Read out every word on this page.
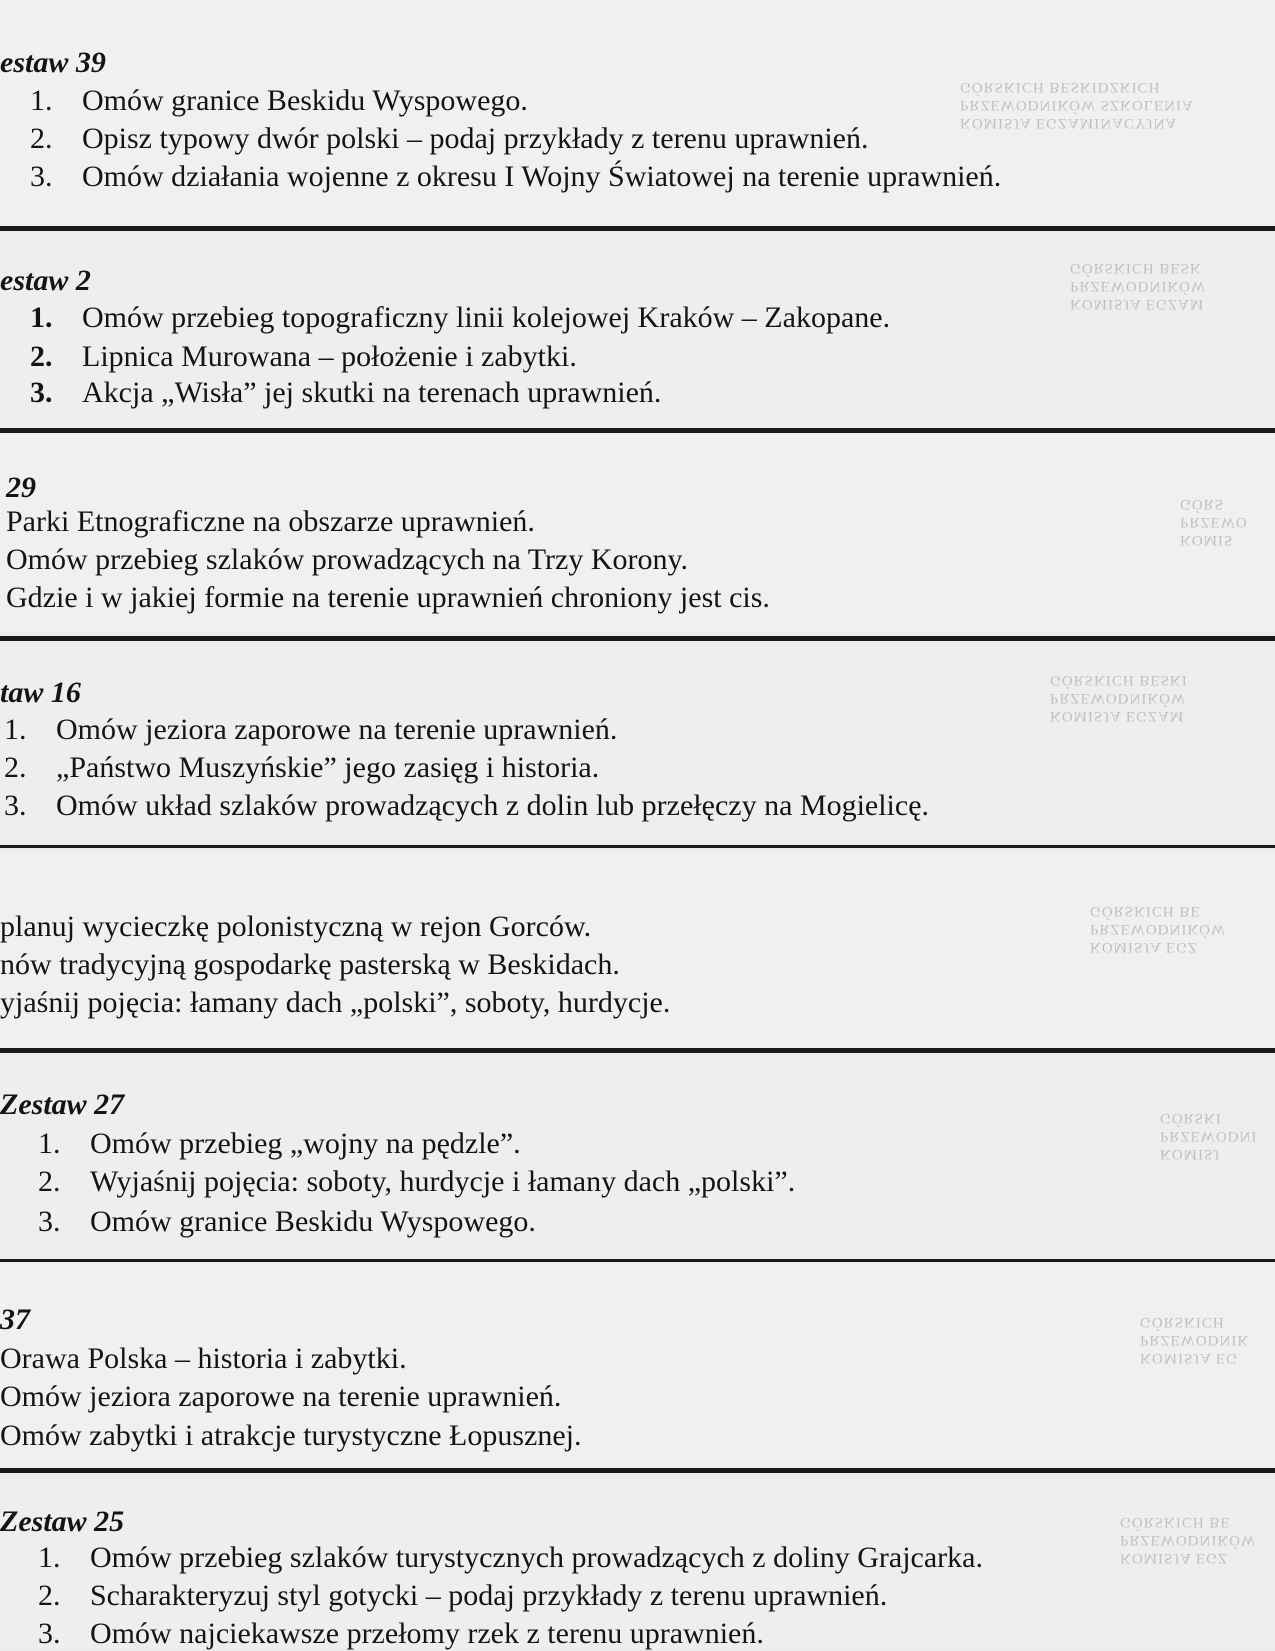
estaw 39
1. Omów granice Beskidu Wyspowego.
2. Opisz typowy dwór polski – podaj przykłady z terenu uprawnień.
3. Omów działania wojenne z okresu I Wojny Światowej na terenie uprawnień.
KOMISJA EGZAMINACYJNA
PRZEWODNIKÓW SZKOLENIA
GÓRSKICH BESKIDZKICH
estaw 2
1. Omów przebieg topograficzny linii kolejowej Kraków – Zakopane.
2. Lipnica Murowana – położenie i zabytki.
3. Akcja „Wisła” jej skutki na terenach uprawnień.
KOMISJA EGZAM
PRZEWODNIKÓW
GÓRSKICH BESK
29
Parki Etnograficzne na obszarze uprawnień.
Omów przebieg szlaków prowadzących na Trzy Korony.
Gdzie i w jakiej formie na terenie uprawnień chroniony jest cis.
KOMIS
PRZEWO
GÓRS
taw 16
1. Omów jeziora zaporowe na terenie uprawnień.
2. „Państwo Muszyńskie” jego zasięg i historia.
3. Omów układ szlaków prowadzących z dolin lub przełęczy na Mogielicę.
KOMISJA EGZAM
PRZEWODNIKÓW
GÓRSKICH BESKI
planuj wycieczkę polonistyczną w rejon Gorców.
nów tradycyjną gospodarkę pasterską w Beskidach.
yjaśnij pojęcia: łamany dach „polski”, soboty, hurdycje.
KOMISJA EGZ
PRZEWODNIKÓW
GÓRSKICH BE
Zestaw 27
1. Omów przebieg „wojny na pędzle”.
2. Wyjaśnij pojęcia: soboty, hurdycje i łamany dach „polski”.
3. Omów granice Beskidu Wyspowego.
KOMISJ
PRZEWODNI
GÓRSKI
37
Orawa Polska – historia i zabytki.
Omów jeziora zaporowe na terenie uprawnień.
Omów zabytki i atrakcje turystyczne Łopusznej.
KOMISJA EG
PRZEWODNIK
GÓRSKICH
Zestaw 25
1. Omów przebieg szlaków turystycznych prowadzących z doliny Grajcarka.
2. Scharakteryzuj styl gotycki – podaj przykłady z terenu uprawnień.
3. Omów najciekawsze przełomy rzek z terenu uprawnień.
KOMISJA EGZ
PRZEWODNIKÓW
GÓRSKICH BE
